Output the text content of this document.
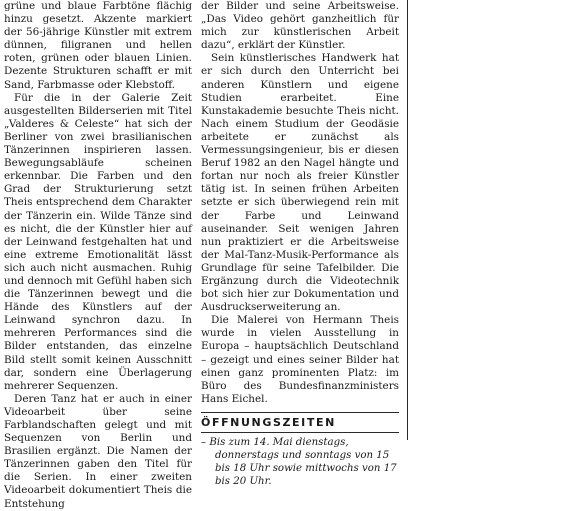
grüne und blaue Farbtöne flächig hinzu gesetzt. Akzente markiert der 56-jährige Künstler mit extrem dünnen, filigranen und hellen roten, grünen oder blauen Linien. Dezente Strukturen schafft er mit Sand, Farbmasse oder Klebstoff.

Für die in der Galerie Zeit ausgestellten Bilderserien mit Titel „Valderes & Celeste“ hat sich der Berliner von zwei brasilianischen Tänzerinnen inspirieren lassen. Bewegungsabläufe scheinen erkennbar. Die Farben und den Grad der Strukturierung setzt Theis entsprechend dem Charakter der Tänzerin ein. Wilde Tänze sind es nicht, die der Künstler hier auf der Leinwand festgehalten hat und eine extreme Emotionalität lässt sich auch nicht ausmachen. Ruhig und dennoch mit Gefühl haben sich die Tänzerinnen bewegt und die Hände des Künstlers auf der Leinwand synchron dazu. In mehreren Performances sind die Bilder entstanden, das einzelne Bild stellt somit keinen Ausschnitt dar, sondern eine Überlagerung mehrerer Sequenzen.

Deren Tanz hat er auch in einer Videoarbeit über seine Farblandschaften gelegt und mit Sequenzen von Berlin und Brasilien ergänzt. Die Namen der Tänzerinnen gaben den Titel für die Serien. In einer zweiten Videoarbeit dokumentiert Theis die Entstehung

der Bilder und seine Arbeitsweise. „Das Video gehört ganzheitlich für mich zur künstlerischen Arbeit dazu“, erklärt der Künstler.

Sein künstlerisches Handwerk hat er sich durch den Unterricht bei anderen Künstlern und eigene Studien erarbeitet. Eine Kunstakademie besuchte Theis nicht. Nach einem Studium der Geodäsie arbeitete er zunächst als Vermessungsingenieur, bis er diesen Beruf 1982 an den Nagel hängte und fortan nur noch als freier Künstler tätig ist. In seinen frühen Arbeiten setzte er sich überwiegend rein mit der Farbe und Leinwand auseinander. Seit wenigen Jahren nun praktiziert er die Arbeitsweise der Mal-Tanz-Musik-Performance als Grundlage für seine Tafelbilder. Die Ergänzung durch die Videotechnik bot sich hier zur Dokumentation und Ausdruckserweiterung an.

Die Malerei von Hermann Theis wurde in vielen Ausstellung in Europa – hauptsächlich Deutschland – gezeigt und eines seiner Bilder hat einen ganz prominenten Platz: im Büro des Bundesfinanzministers Hans Eichel.

ÖFFNUNGSZEITEN
– Bis zum 14. Mai dienstags, donnerstags und sonntags von 15 bis 18 Uhr sowie mittwochs von 17 bis 20 Uhr.
